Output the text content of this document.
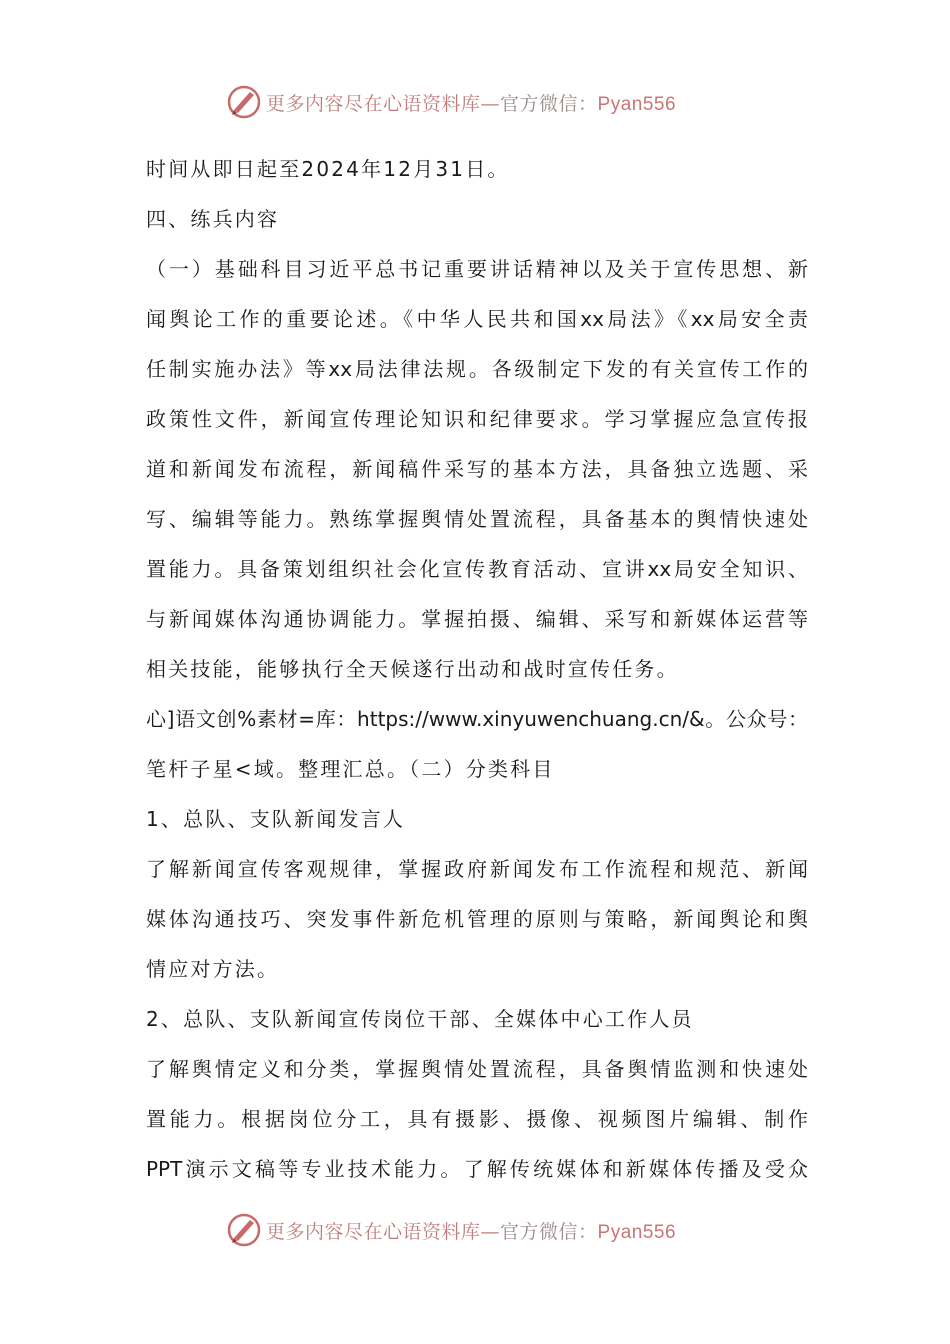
更多内容尽在心语资料库—官方微信：Pyan556
时间从即日起至2024年12月31日。
四、练兵内容
（一）基础科目习近平总书记重要讲话精神以及关于宣传思想、新
闻舆论工作的重要论述。《中华人民共和国xx局法》《xx局安全责
任制实施办法》等xx局法律法规。各级制定下发的有关宣传工作的
政策性文件，新闻宣传理论知识和纪律要求。学习掌握应急宣传报
道和新闻发布流程，新闻稿件采写的基本方法，具备独立选题、采
写、编辑等能力。熟练掌握舆情处置流程，具备基本的舆情快速处
置能力。具备策划组织社会化宣传教育活动、宣讲xx局安全知识、
与新闻媒体沟通协调能力。掌握拍摄、编辑、采写和新媒体运营等
相关技能，能够执行全天候遂行出动和战时宣传任务。
心]语文创%素材=库：https://www.xinyuwenchuang.cn/&。公众号：
笔杆子星<域。整理汇总。（二）分类科目
1、总队、支队新闻发言人
了解新闻宣传客观规律，掌握政府新闻发布工作流程和规范、新闻
媒体沟通技巧、突发事件新危机管理的原则与策略，新闻舆论和舆
情应对方法。
2、总队、支队新闻宣传岗位干部、全媒体中心工作人员
了解舆情定义和分类，掌握舆情处置流程，具备舆情监测和快速处
置能力。根据岗位分工，具有摄影、摄像、视频图片编辑、制作
PPT演示文稿等专业技术能力。了解传统媒体和新媒体传播及受众
更多内容尽在心语资料库—官方微信：Pyan556
